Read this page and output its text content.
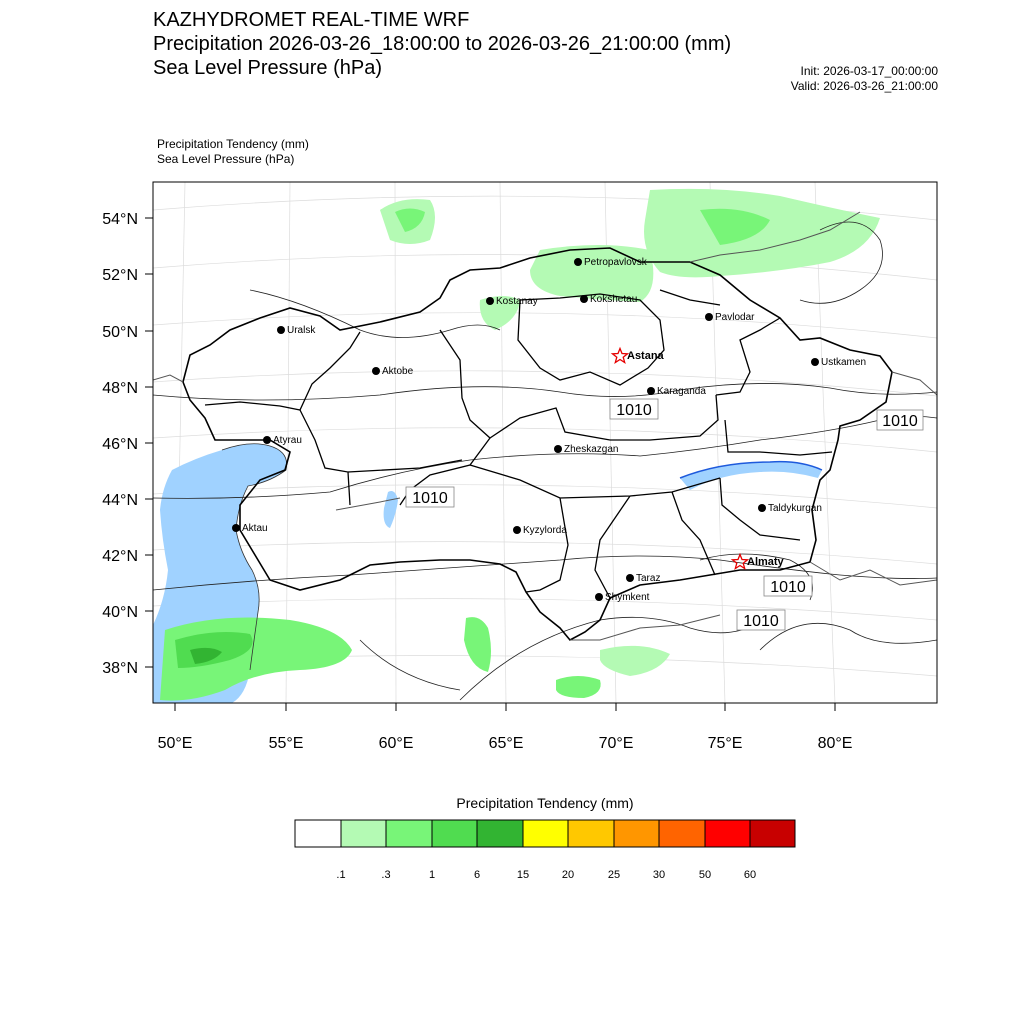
KAZHYDROMET REAL-TIME WRF
Precipitation 2026-03-26_18:00:00 to 2026-03-26_21:00:00 (mm)
Sea Level Pressure (hPa)	Init: 2026-03-17_00:00:00
Valid: 2026-03-26_21:00:00
Precipitation Tendency (mm)
Sea Level Pressure (hPa)
54°N
52°N
50°N
48°N
46°N
44°N
42°N
40°N
38°N
50°E	55°E	60°E	65°E	70°E	75°E	80°E
1010
1010
1010
1010
1010
Petropavlovsk
Kostanay	Kokshetau
Uralsk
Pavlodar
Astana
Aktobe
Ustkamen
Karaganda
Atyrau
Zheskazgan
Kyzylorda
Aktau
Taldykurgan
Almaty
Taraz
Shymkent
.1	.3	1	6	15	20	25	30	50	60
Precipitation Tendency (mm)
